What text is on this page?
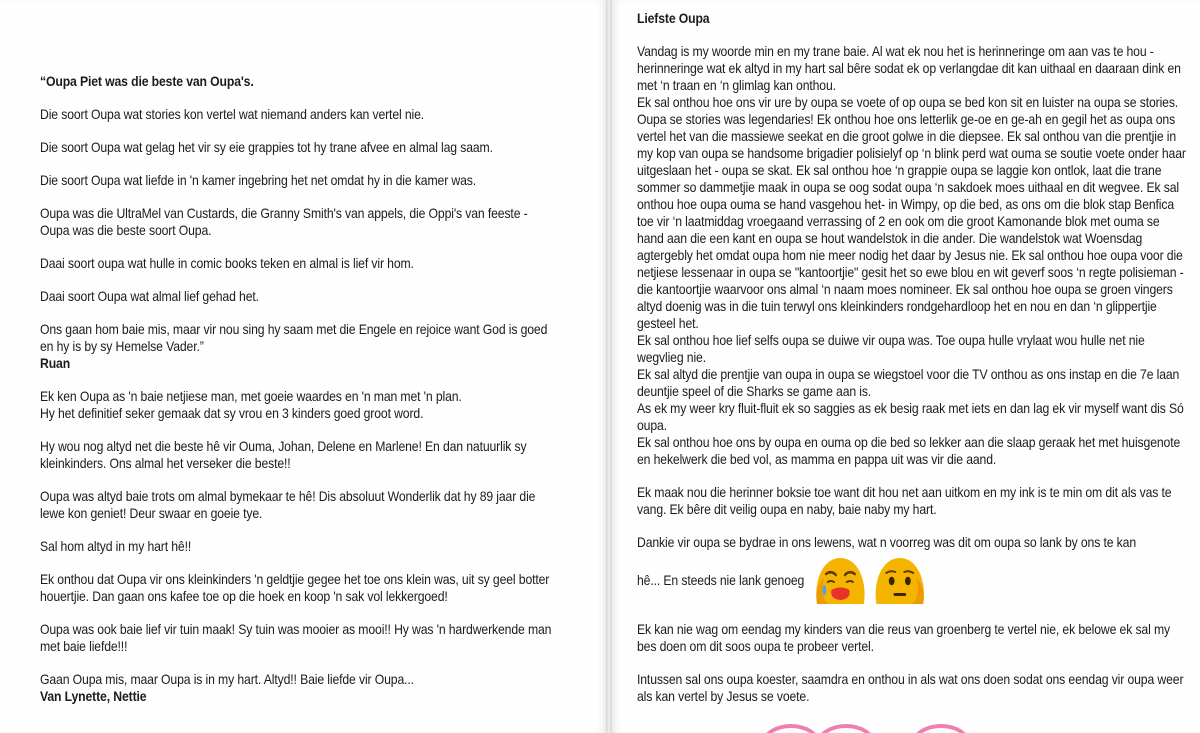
“Oupa Piet was die beste van Oupa's.

Die soort Oupa wat stories kon vertel wat niemand anders kan vertel nie.

Die soort Oupa wat gelag het vir sy eie grappies tot hy trane afvee en almal lag saam.

Die soort Oupa wat liefde in 'n kamer ingebring het net omdat hy in die kamer was.

Oupa was die UltraMel van Custards, die Granny Smith's van appels, die Oppi's van feeste - Oupa was die beste soort Oupa.

Daai soort oupa wat hulle in comic books teken en almal is lief vir hom.

Daai soort Oupa wat almal lief gehad het.

Ons gaan hom baie mis, maar vir nou sing hy saam met die Engele en rejoice want God is goed en hy is by sy Hemelse Vader.”

Ruan

Ek ken Oupa as 'n baie netjiese man, met goeie waardes en 'n man met 'n plan.
Hy het definitief seker gemaak dat sy vrou en 3 kinders goed groot word.

Hy wou nog altyd net die beste hê vir Ouma, Johan, Delene en Marlene! En dan natuurlik sy kleinkinders. Ons almal het verseker die beste!!

Oupa was altyd baie trots om almal bymekaar te hê! Dis absoluut Wonderlik dat hy 89 jaar die lewe kon geniet! Deur swaar en goeie tye.

Sal hom altyd in my hart hê!!

Ek onthou dat Oupa vir ons kleinkinders 'n geldtjie gegee het toe ons klein was, uit sy geel botter houertjie. Dan gaan ons kafee toe op die hoek en koop 'n sak vol lekkergoed!

Oupa was ook baie lief vir tuin maak! Sy tuin was mooier as mooi!! Hy was 'n hardwerkende man met baie liefde!!!

Gaan Oupa mis, maar Oupa is in my hart. Altyd!! Baie liefde vir Oupa...

Van Lynette, Nettie

Liefste Oupa

Vandag is my woorde min en my trane baie. Al wat ek nou het is herinneringe om aan vas te hou - herinneringe wat ek altyd in my hart sal bêre sodat ek op verlangdae dit kan uithaal en daaraan dink en met ‘n traan en ‘n glimlag kan onthou.
Ek sal onthou hoe ons vir ure by oupa se voete of op oupa se bed kon sit en luister na oupa se stories. Oupa se stories was legendaries! Ek onthou hoe ons letterlik ge-oe en ge-ah en gegil het as oupa ons vertel het van die massiewe seekat en die groot golwe in die diepsee. Ek sal onthou van die prentjie in my kop van oupa se handsome brigadier polisielyf op ‘n blink perd wat ouma se soutie voete onder haar uitgeslaan het - oupa se skat. Ek sal onthou hoe ‘n grappie oupa se laggie kon ontlok, laat die trane sommer so dammetjie maak in oupa se oog sodat oupa ‘n sakdoek moes uithaal en dit wegvee. Ek sal onthou hoe oupa ouma se hand vasgehou het- in Wimpy, op die bed, as ons om die blok stap Benfica toe vir ‘n laatmiddag vroegaand verrassing of 2 en ook om die groot Kamonande blok met ouma se hand aan die een kant en oupa se hout wandelstok in die ander. Die wandelstok wat Woensdag agtergebly het omdat oupa hom nie meer nodig het daar by Jesus nie. Ek sal onthou hoe oupa voor die netjiese lessenaar in oupa se "kantoortjie" gesit het so ewe blou en wit geverf soos ‘n regte polisieman - die kantoortjie waarvoor ons almal ‘n naam moes nomineer. Ek sal onthou hoe oupa se groen vingers altyd doenig was in die tuin terwyl ons kleinkinders rondgehardloop het en nou en dan ‘n glippertjie gesteel het.
Ek sal onthou hoe lief selfs oupa se duiwe vir oupa was. Toe oupa hulle vrylaat wou hulle net nie wegvlieg nie.
Ek sal altyd die prentjie van oupa in oupa se wiegstoel voor die TV onthou as ons instap en die 7e laan deuntjie speel of die Sharks se game aan is.
As ek my weer kry fluit-fluit ek so saggies as ek besig raak met iets en dan lag ek vir myself want dis Só oupa.
Ek sal onthou hoe ons by oupa en ouma op die bed so lekker aan die slaap geraak het met huisgenote en hekelwerk die bed vol, as mamma en pappa uit was vir die aand.

Ek maak nou die herinner boksie toe want dit hou net aan uitkom en my ink is te min om dit als vas te vang. Ek bêre dit veilig oupa en naby, baie naby my hart.

Dankie vir oupa se bydrae in ons lewens, wat n voorreg was dit om oupa so lank by ons te kan

hê... En steeds nie lank genoeg

Ek kan nie wag om eendag my kinders van die reus van groenberg te vertel nie, ek belowe ek sal my bes doen om dit soos oupa te probeer vertel.

Intussen sal ons oupa koester, saamdra en onthou in als wat ons doen sodat ons eendag vir oupa weer als kan vertel by Jesus se voete.
